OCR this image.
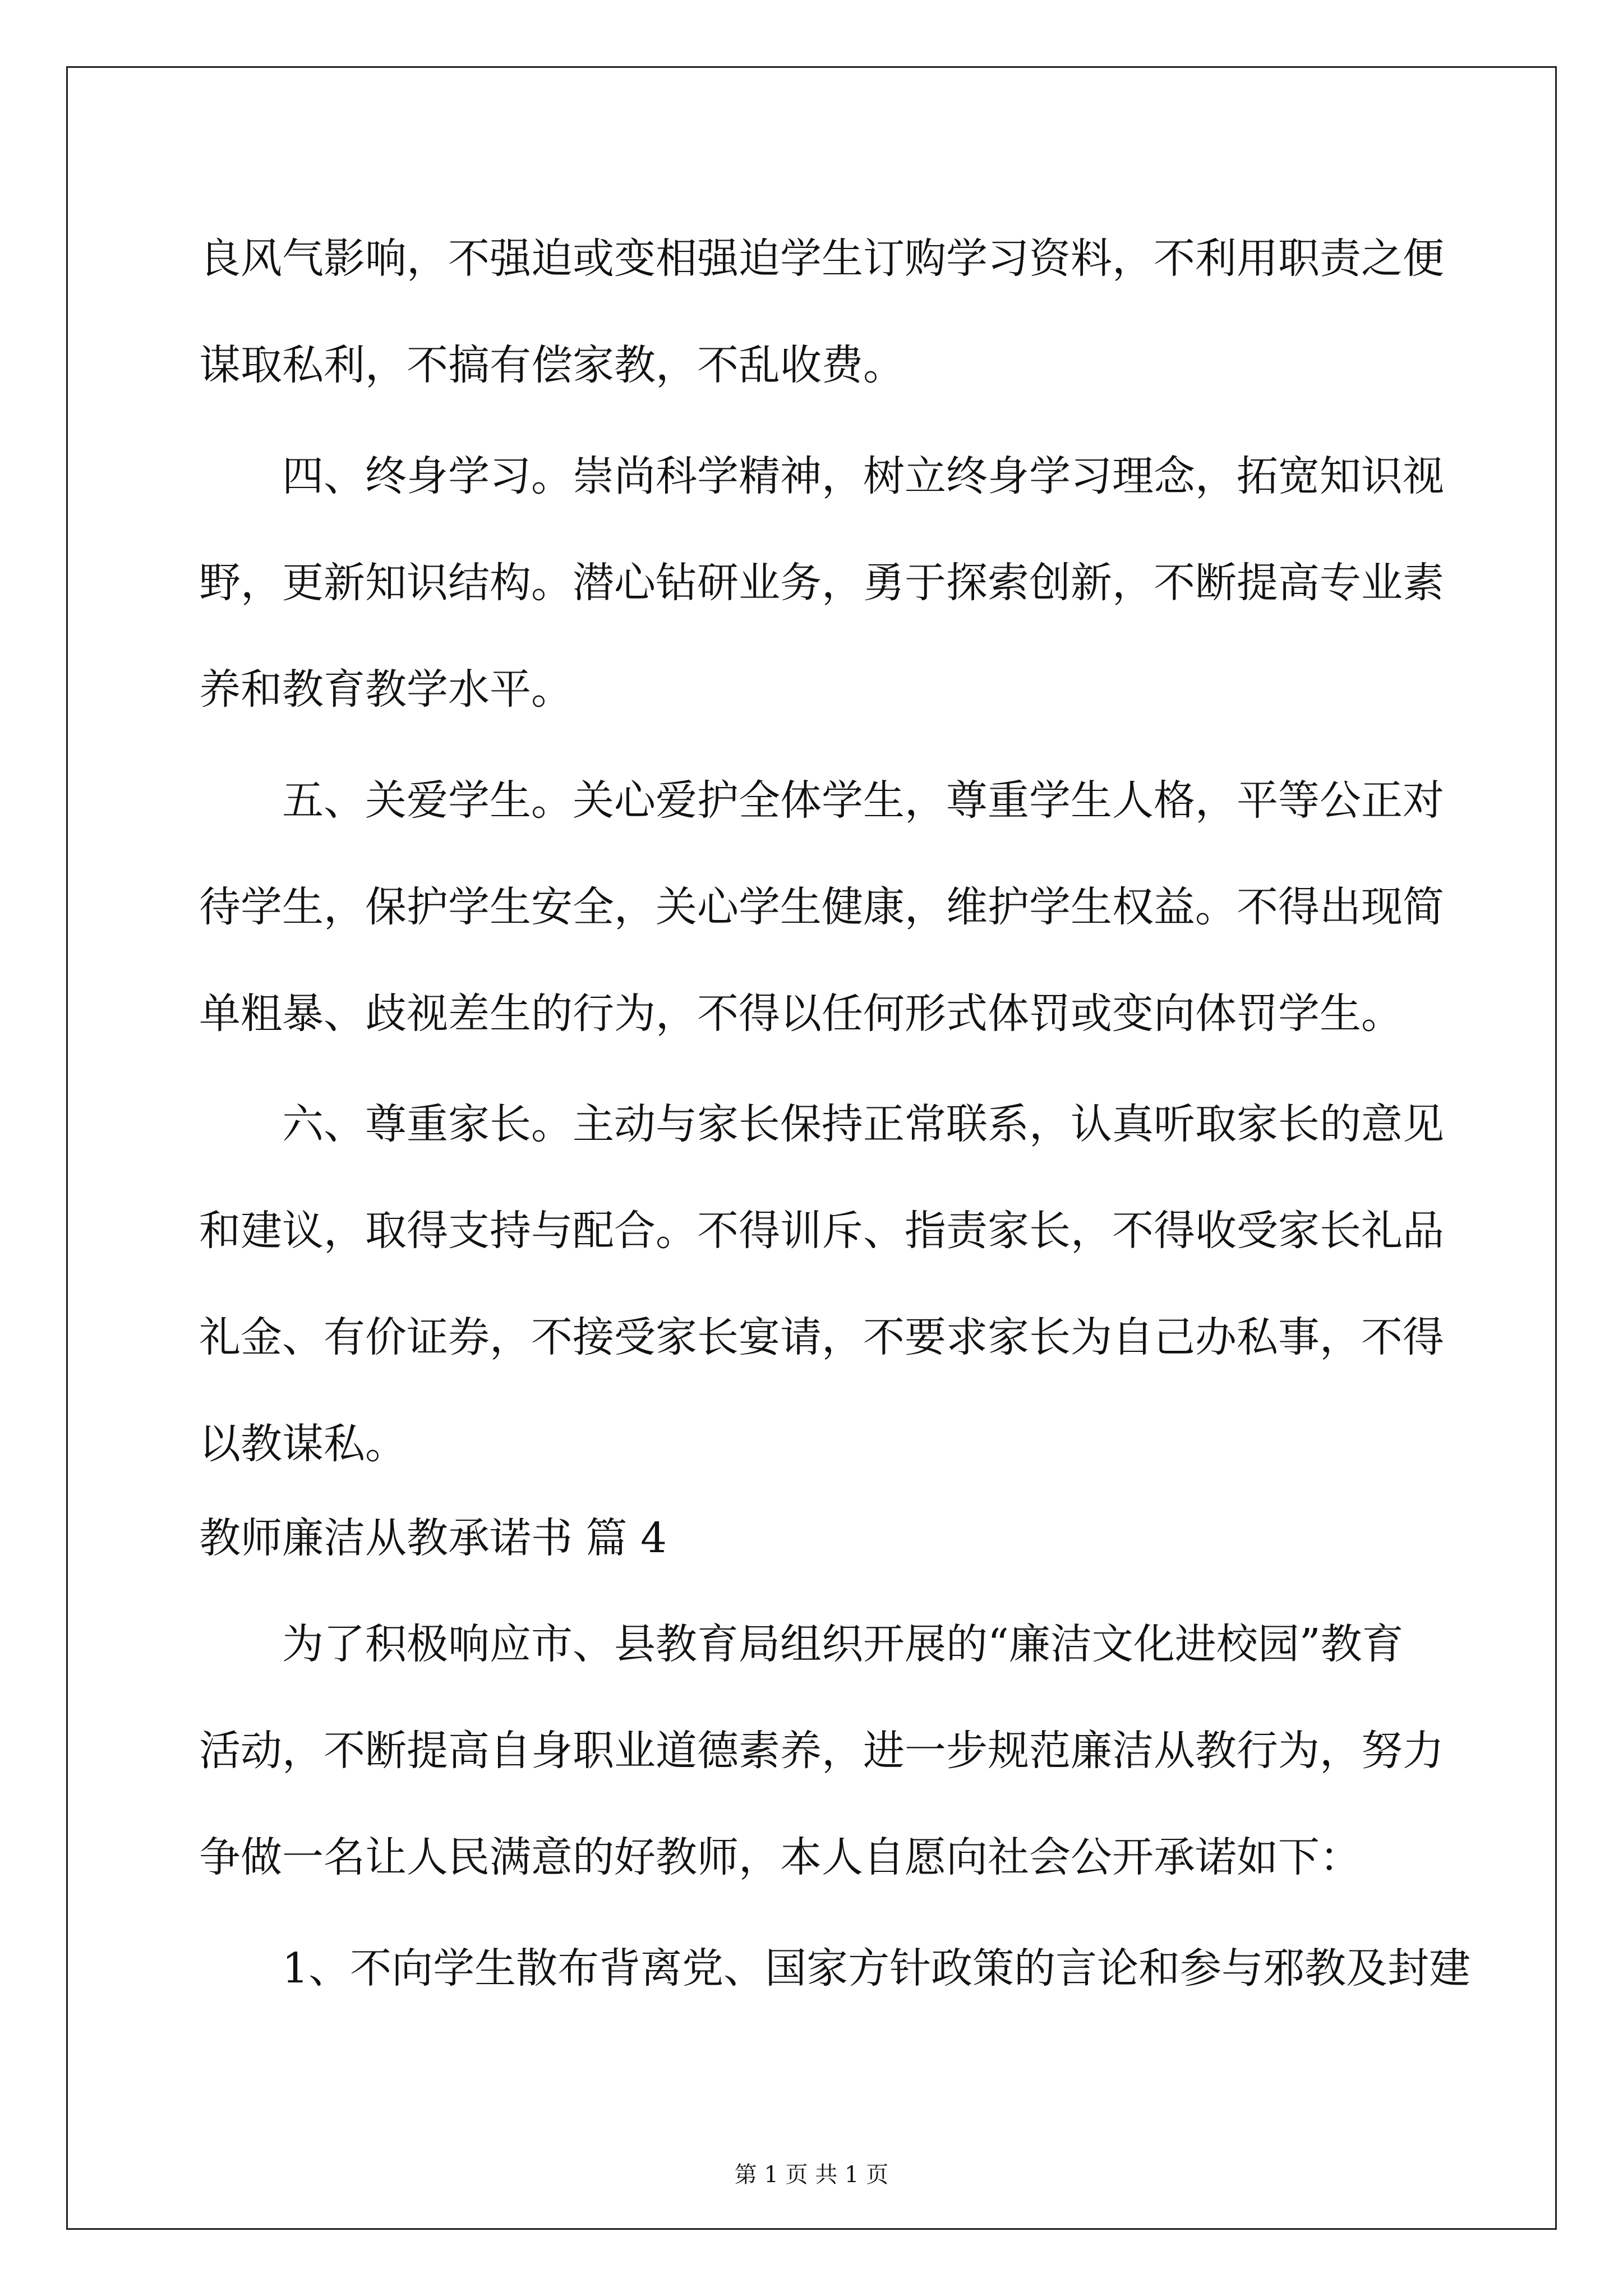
良风气影响，不强迫或变相强迫学生订购学习资料，不利用职责之便
谋取私利，不搞有偿家教，不乱收费。
四、终身学习。崇尚科学精神，树立终身学习理念，拓宽知识视
野，更新知识结构。潜心钻研业务，勇于探索创新，不断提高专业素
养和教育教学水平。
五、关爱学生。关心爱护全体学生，尊重学生人格，平等公正对
待学生，保护学生安全，关心学生健康，维护学生权益。不得出现简
单粗暴、歧视差生的行为，不得以任何形式体罚或变向体罚学生。
六、尊重家长。主动与家长保持正常联系，认真听取家长的意见
和建议，取得支持与配合。不得训斥、指责家长，不得收受家长礼品
礼金、有价证券，不接受家长宴请，不要求家长为自己办私事，不得
以教谋私。
教师廉洁从教承诺书 篇 4
为了积极响应市、县教育局组织开展的“廉洁文化进校园”教育
活动，不断提高自身职业道德素养，进一步规范廉洁从教行为，努力
争做一名让人民满意的好教师，本人自愿向社会公开承诺如下：
1、不向学生散布背离党、国家方针政策的言论和参与邪教及封建
第 1 页 共 1 页
